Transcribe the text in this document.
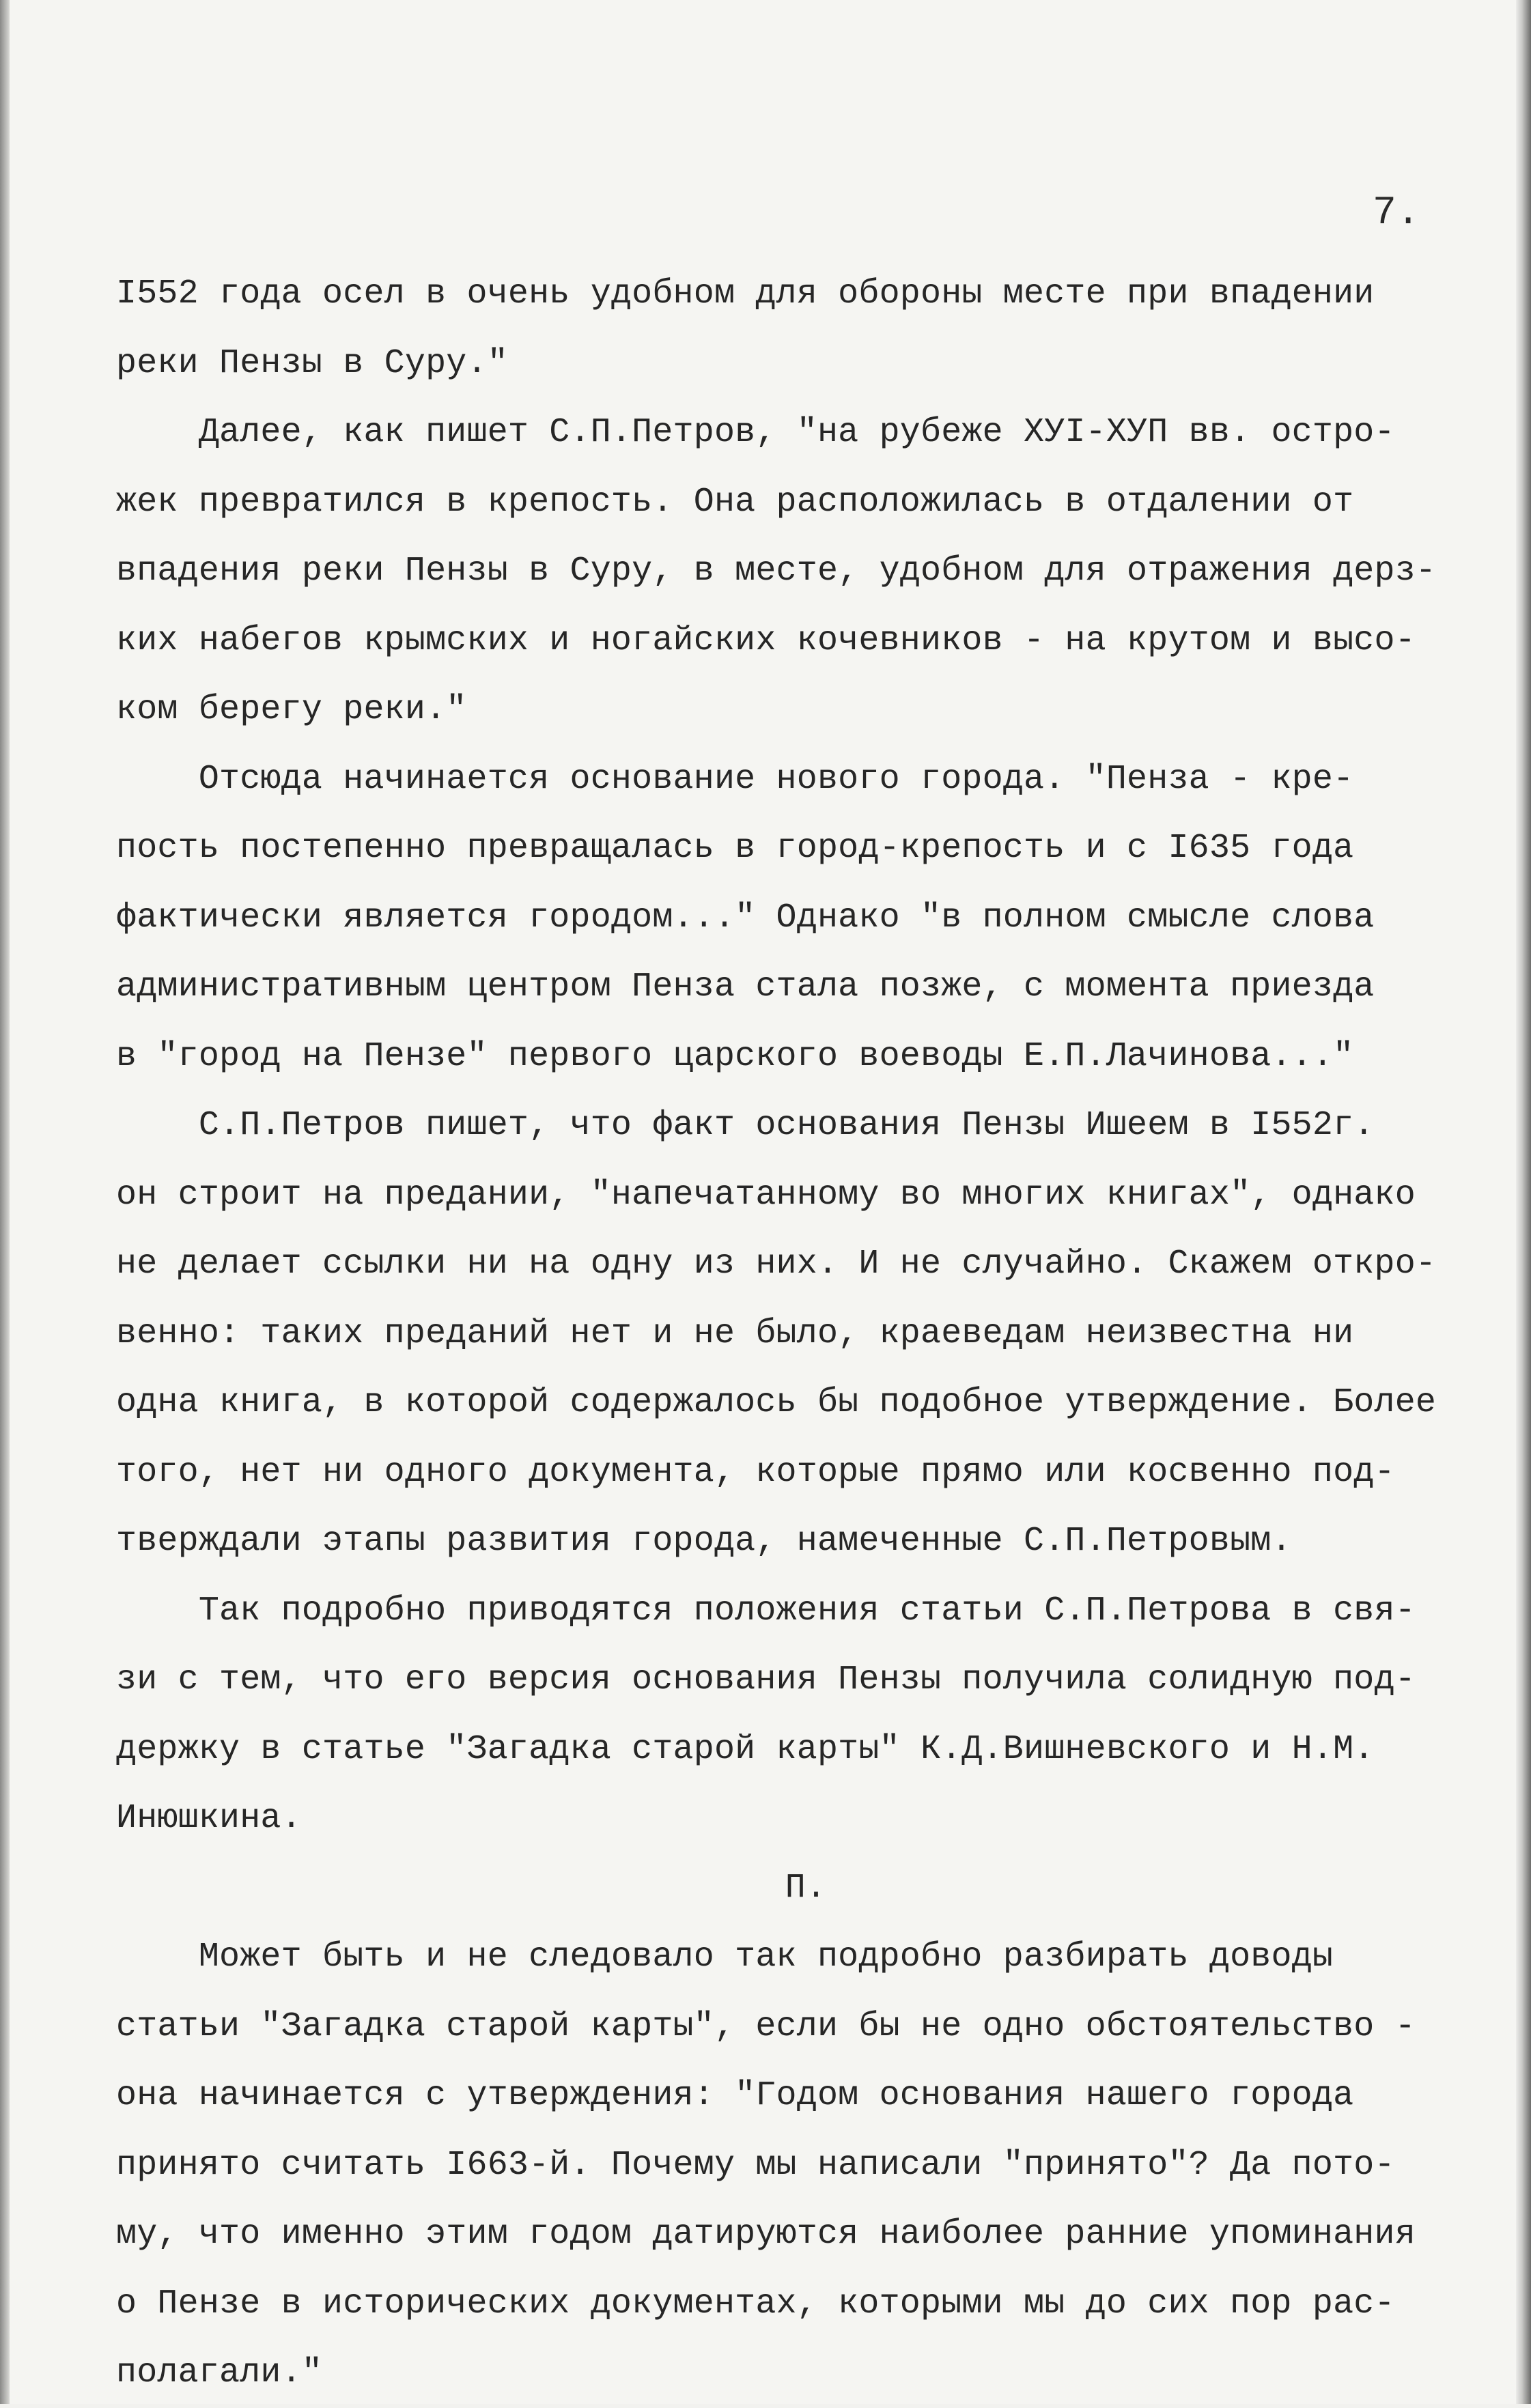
7.
I552 года осел в очень удобном для обороны месте при впадении
реки Пензы в Суру."
Далее, как пишет С.П.Петров, "на рубеже ХУI-ХУП вв. остро-
жек превратился в крепость. Она расположилась в отдалении от
впадения реки Пензы в Суру, в месте, удобном для отражения дерз-
ких набегов крымских и ногайских кочевников - на крутом и высо-
ком берегу реки."
Отсюда начинается основание нового города. "Пенза - кре-
пость постепенно превращалась в город-крепость и с I635 года
фактически является городом..." Однако "в полном смысле слова
административным центром Пенза стала позже, с момента приезда
в "город на Пензе" первого царского воеводы Е.П.Лачинова..."
С.П.Петров пишет, что факт основания Пензы Ишеем в I552г.
он строит на предании, "напечатанному во многих книгах", однако
не делает ссылки ни на одну из них. И не случайно. Скажем откро-
венно: таких преданий нет и не было, краеведам неизвестна ни
одна книга, в которой содержалось бы подобное утверждение. Более
того, нет ни одного документа, которые прямо или косвенно под-
тверждали этапы развития города, намеченные С.П.Петровым.
Так подробно приводятся положения статьи С.П.Петрова в свя-
зи с тем, что его версия основания Пензы получила солидную под-
держку в статье "Загадка старой карты" К.Д.Вишневского и Н.М.
Инюшкина.
П.
Может быть и не следовало так подробно разбирать доводы
статьи "Загадка старой карты", если бы не одно обстоятельство -
она начинается с утверждения: "Годом основания нашего города
принято считать I663-й. Почему мы написали "принято"? Да пото-
му, что именно этим годом датируются наиболее ранние упоминания
о Пензе в исторических документах, которыми мы до сих пор рас-
полагали."
